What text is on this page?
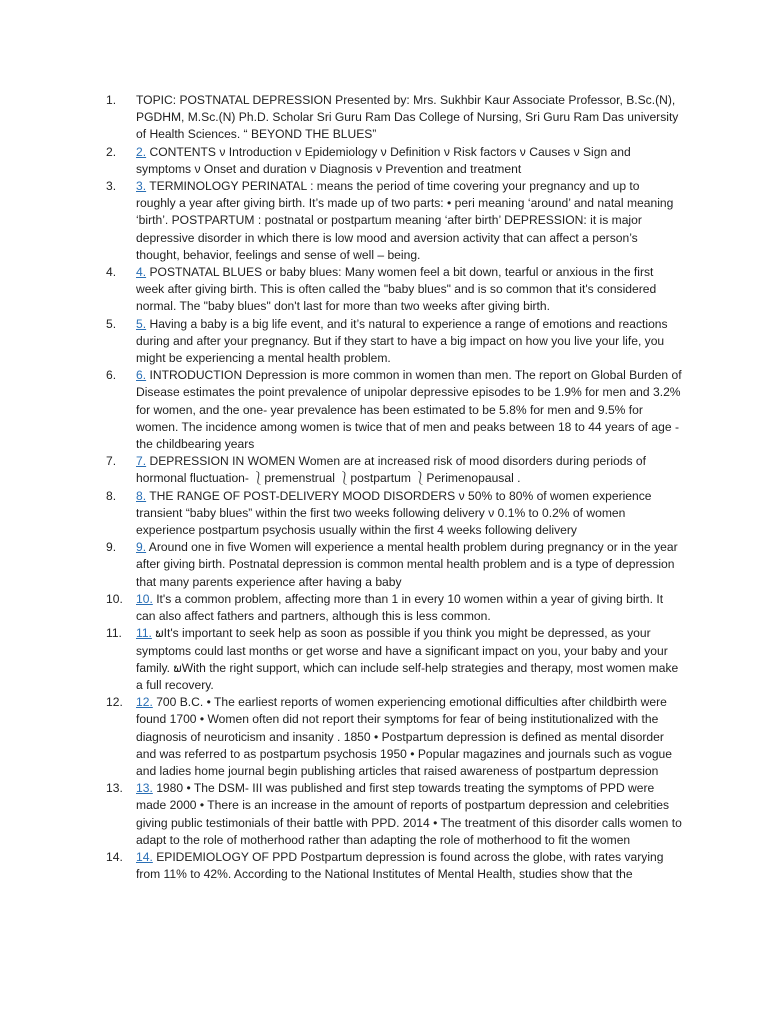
1.	TOPIC: POSTNATAL DEPRESSION Presented by: Mrs. Sukhbir Kaur Associate Professor, B.Sc.(N), PGDHM, M.Sc.(N) Ph.D. Scholar Sri Guru Ram Das College of Nursing, Sri Guru Ram Das university of Health Sciences. “ BEYOND THE BLUES”
2.	2. CONTENTS ν Introduction ν Epidemiology ν Definition ν Risk factors ν Causes ν Sign and symptoms ν Onset and duration ν Diagnosis ν Prevention and treatment
3.	3. TERMINOLOGY PERINATAL : means the period of time covering your pregnancy and up to roughly a year after giving birth. It’s made up of two parts: • peri meaning ‘around’ and natal meaning ‘birth’. POSTPARTUM : postnatal or postpartum meaning ‘after birth’ DEPRESSION: it is major depressive disorder in which there is low mood and aversion activity that can affect a person’s thought, behavior, feelings and sense of well – being.
4.	4. POSTNATAL BLUES or baby blues: Many women feel a bit down, tearful or anxious in the first week after giving birth. This is often called the "baby blues" and is so common that it's considered normal. The "baby blues" don't last for more than two weeks after giving birth.
5.	5. Having a baby is a big life event, and it’s natural to experience a range of emotions and reactions during and after your pregnancy. But if they start to have a big impact on how you live your life, you might be experiencing a mental health problem.
6.	6. INTRODUCTION Depression is more common in women than men. The report on Global Burden of Disease estimates the point prevalence of unipolar depressive episodes to be 1.9% for men and 3.2% for women, and the one- year prevalence has been estimated to be 5.8% for men and 9.5% for women. The incidence among women is twice that of men and peaks between 18 to 44 years of age - the childbearing years
7.	7. DEPRESSION IN WOMEN Women are at increased risk of mood disorders during periods of hormonal fluctuation- ⎱premenstrual ⎱postpartum ⎱Perimenopausal .
8.	8. THE RANGE OF POST-DELIVERY MOOD DISORDERS ν 50% to 80% of women experience transient “baby blues” within the first two weeks following delivery ν 0.1% to 0.2% of women experience postpartum psychosis usually within the first 4 weeks following delivery
9.	9. Around one in five Women will experience a mental health problem during pregnancy or in the year after giving birth. Postnatal depression is common mental health problem and is a type of depression that many parents experience after having a baby
10.	10. It's a common problem, affecting more than 1 in every 10 women within a year of giving birth. It can also affect fathers and partners, although this is less common.
11.	11. ພIt's important to seek help as soon as possible if you think you might be depressed, as your symptoms could last months or get worse and have a significant impact on you, your baby and your family. ພWith the right support, which can include self-help strategies and therapy, most women make a full recovery.
12.	12. 700 B.C. • The earliest reports of women experiencing emotional difficulties after childbirth were found 1700 • Women often did not report their symptoms for fear of being institutionalized with the diagnosis of neuroticism and insanity . 1850 • Postpartum depression is defined as mental disorder and was referred to as postpartum psychosis 1950 • Popular magazines and journals such as vogue and ladies home journal begin publishing articles that raised awareness of postpartum depression
13.	13. 1980 • The DSM- III was published and first step towards treating the symptoms of PPD were made 2000 • There is an increase in the amount of reports of postpartum depression and celebrities giving public testimonials of their battle with PPD. 2014 • The treatment of this disorder calls women to adapt to the role of motherhood rather than adapting the role of motherhood to fit the women
14.	14. EPIDEMIOLOGY OF PPD Postpartum depression is found across the globe, with rates varying from 11% to 42%. According to the National Institutes of Mental Health, studies show that the
